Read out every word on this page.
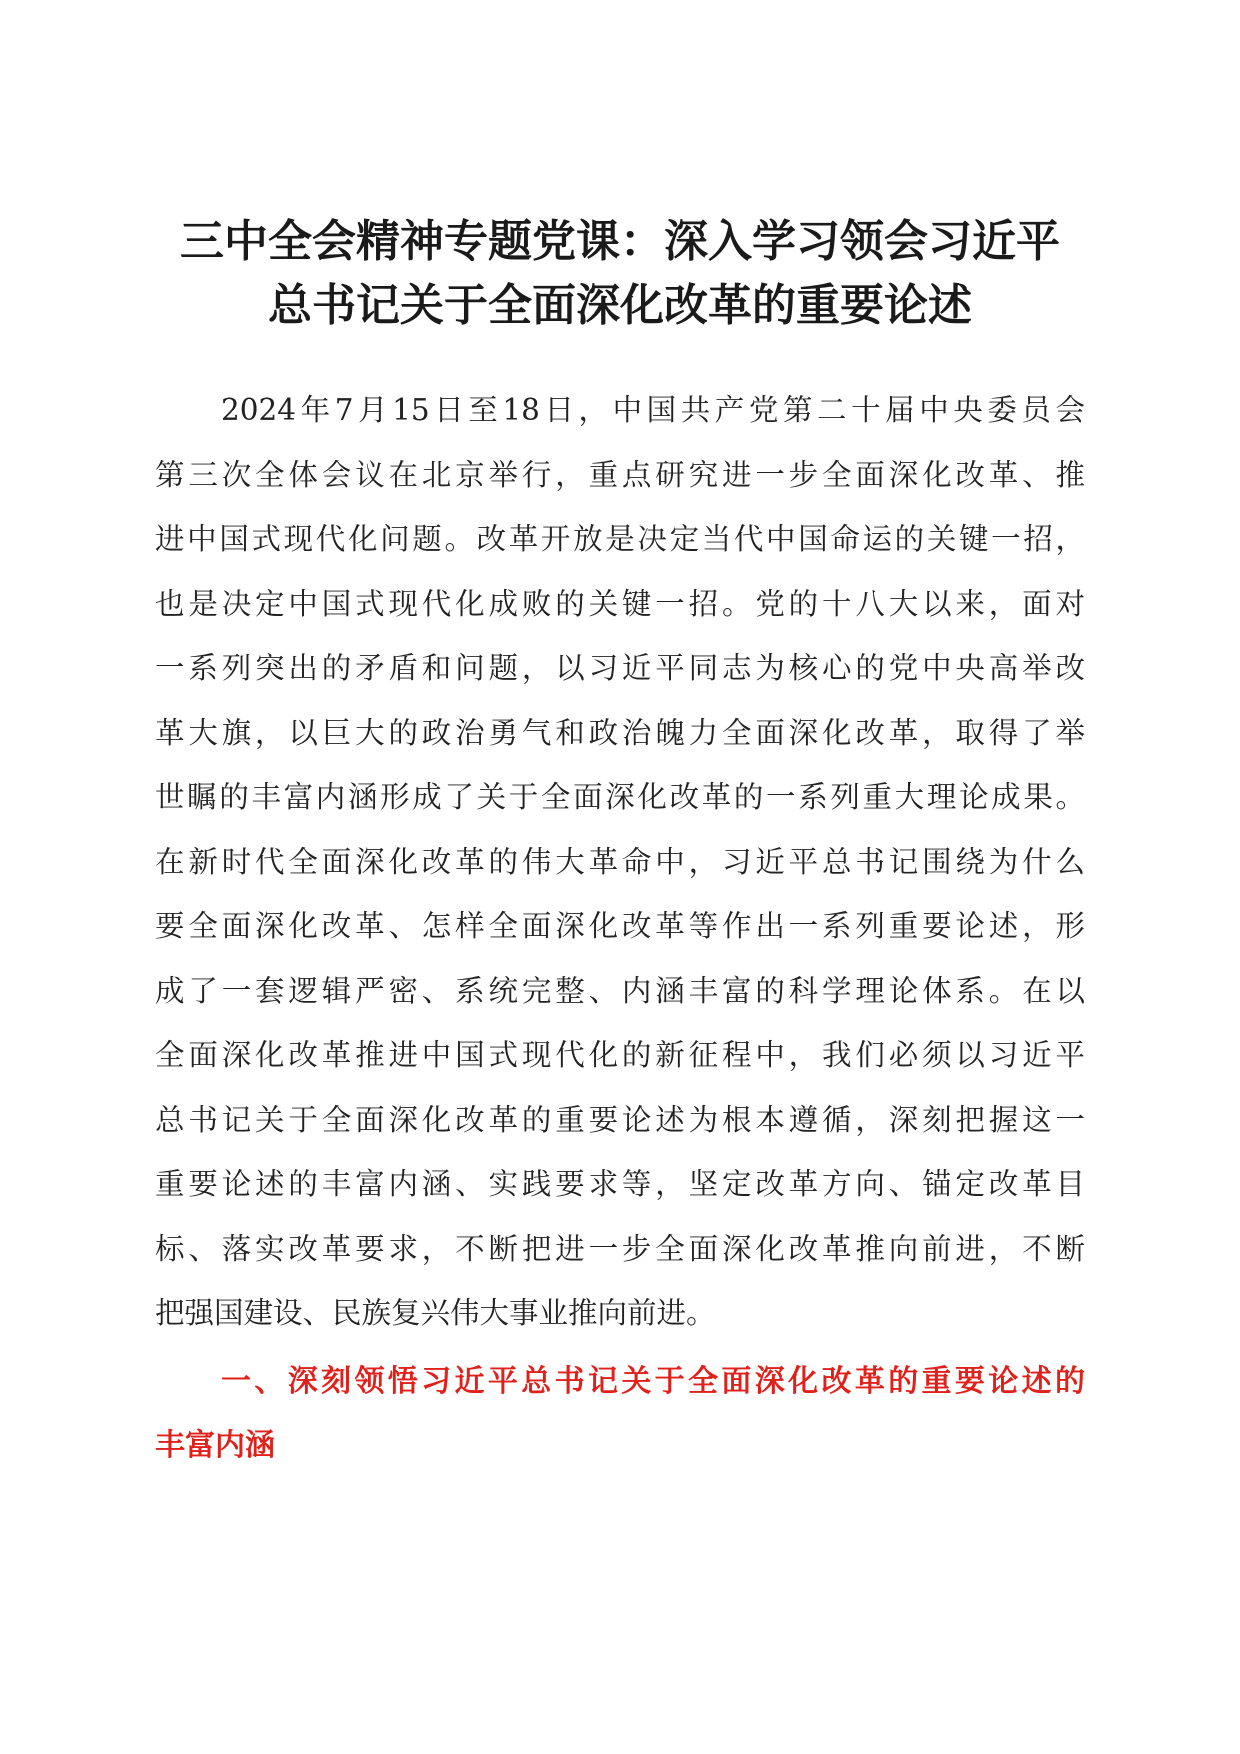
三中全会精神专题党课：深入学习领会习近平
总书记关于全面深化改革的重要论述
2024年7月15日至18日，中国共产党第二十届中央委员会
第三次全体会议在北京举行，重点研究进一步全面深化改革、推
进中国式现代化问题。改革开放是决定当代中国命运的关键一招，
也是决定中国式现代化成败的关键一招。党的十八大以来，面对
一系列突出的矛盾和问题，以习近平同志为核心的党中央高举改
革大旗，以巨大的政治勇气和政治魄力全面深化改革，取得了举
世瞩的丰富内涵形成了关于全面深化改革的一系列重大理论成果。
在新时代全面深化改革的伟大革命中，习近平总书记围绕为什么
要全面深化改革、怎样全面深化改革等作出一系列重要论述，形
成了一套逻辑严密、系统完整、内涵丰富的科学理论体系。在以
全面深化改革推进中国式现代化的新征程中，我们必须以习近平
总书记关于全面深化改革的重要论述为根本遵循，深刻把握这一
重要论述的丰富内涵、实践要求等，坚定改革方向、锚定改革目
标、落实改革要求，不断把进一步全面深化改革推向前进，不断
把强国建设、民族复兴伟大事业推向前进。
一、深刻领悟习近平总书记关于全面深化改革的重要论述的
丰富内涵
